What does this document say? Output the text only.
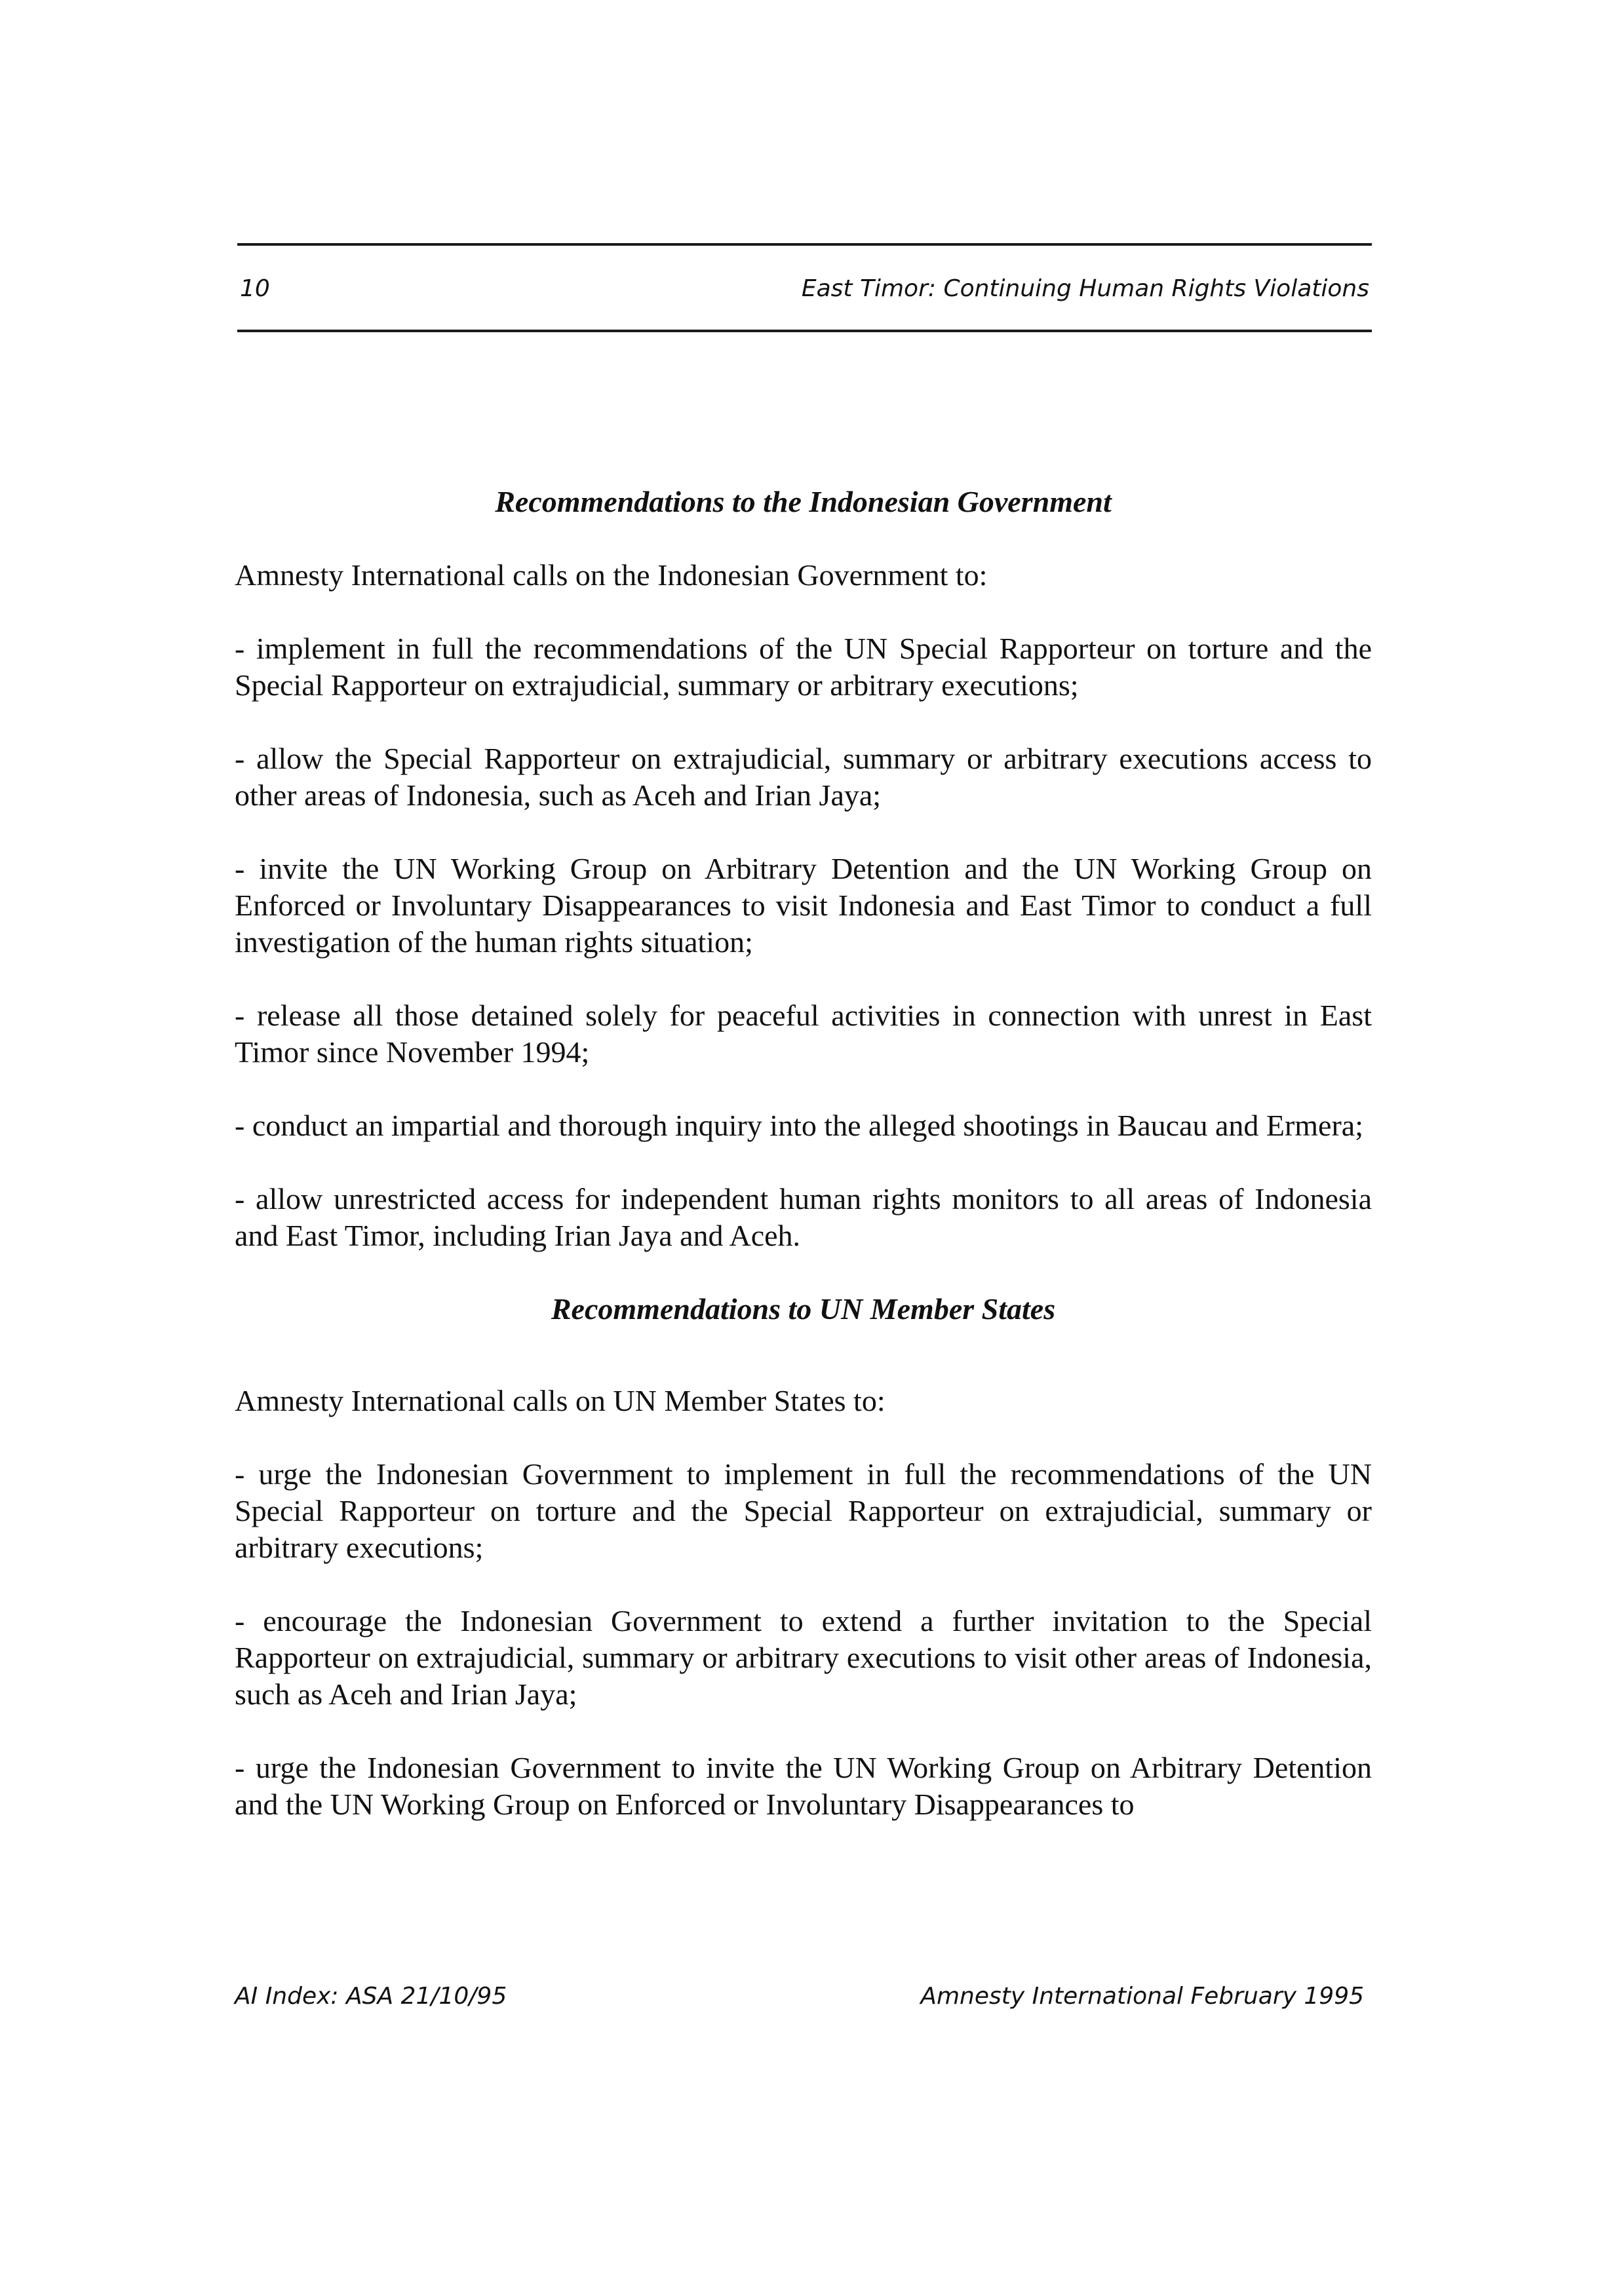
10	East Timor: Continuing Human Rights Violations
Recommendations to the Indonesian Government

Amnesty International calls on the Indonesian Government to:

- implement in full the recommendations of the UN Special Rapporteur on torture and the Special Rapporteur on extrajudicial, summary or arbitrary executions;

- allow the Special Rapporteur on extrajudicial, summary or arbitrary executions access to other areas of Indonesia, such as Aceh and Irian Jaya;

- invite the UN Working Group on Arbitrary Detention and the UN Working Group on Enforced or Involuntary Disappearances to visit Indonesia and East Timor to conduct a full investigation of the human rights situation;

- release all those detained solely for peaceful activities in connection with unrest in East Timor since November 1994;

- conduct an impartial and thorough inquiry into the alleged shootings in Baucau and Ermera;

- allow unrestricted access for independent human rights monitors to all areas of Indonesia and East Timor, including Irian Jaya and Aceh.

Recommendations to UN Member States

Amnesty International calls on UN Member States to:

- urge the Indonesian Government to implement in full the recommendations of the UN Special Rapporteur on torture and the Special Rapporteur on extrajudicial, summary or arbitrary executions;

- encourage the Indonesian Government to extend a further invitation to the Special Rapporteur on extrajudicial, summary or arbitrary executions to visit other areas of Indonesia, such as Aceh and Irian Jaya;

- urge the Indonesian Government to invite the UN Working Group on Arbitrary Detention and the UN Working Group on Enforced or Involuntary Disappearances to

AI Index: ASA 21/10/95	Amnesty International February 1995
